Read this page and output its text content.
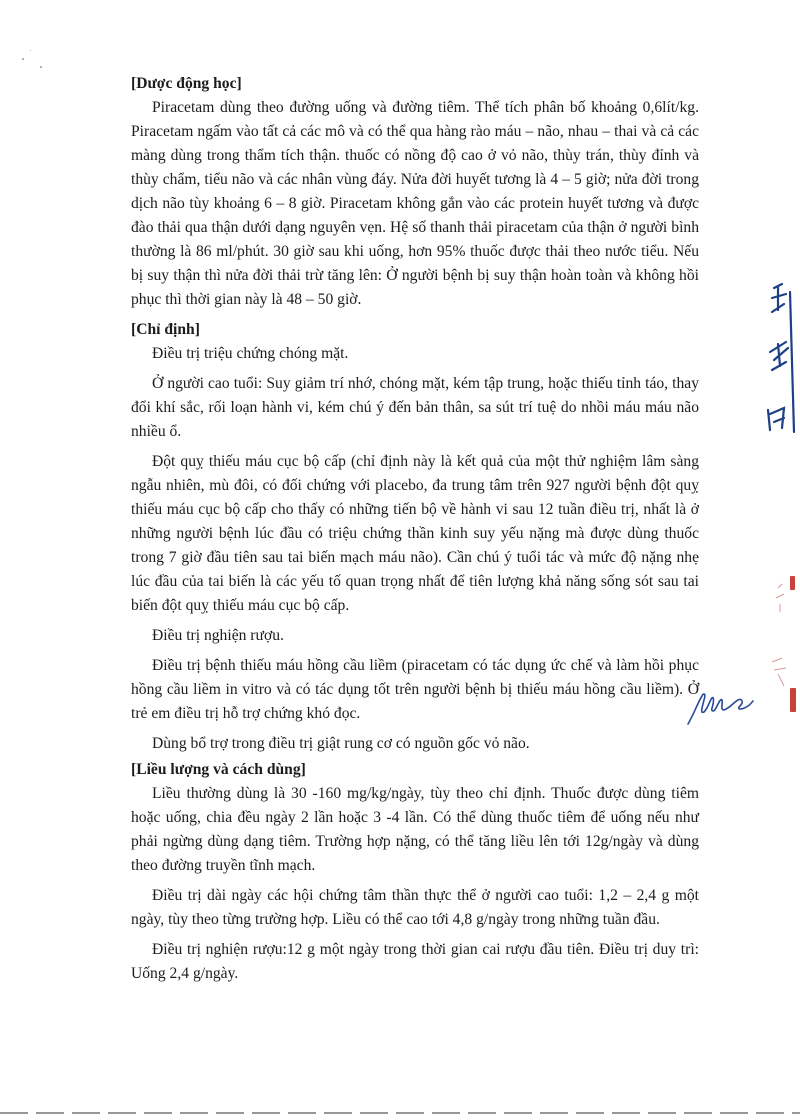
[Dược động học]

Piracetam dùng theo đường uống và đường tiêm. Thể tích phân bố khoảng 0,6lít/kg. Piracetam ngấm vào tất cả các mô và có thể qua hàng rào máu – não, nhau – thai và cả các màng dùng trong thẩm tích thận. thuốc có nồng độ cao ở vỏ não, thùy trán, thùy đỉnh và thùy chẩm, tiểu não và các nhân vùng đáy. Nửa đời huyết tương là 4 – 5 giờ; nửa đời trong dịch não tùy khoảng 6 – 8 giờ. Piracetam không gắn vào các protein huyết tương và được đào thải qua thận dưới dạng nguyên vẹn. Hệ số thanh thải piracetam của thận ở người bình thường là 86 ml/phút. 30 giờ sau khi uống, hơn 95% thuốc được thải theo nước tiểu. Nếu bị suy thận thì nửa đời thải trừ tăng lên: Ở người bệnh bị suy thận hoàn toàn và không hồi phục thì thời gian này là 48 – 50 giờ.

[Chỉ định]

Điều trị triệu chứng chóng mặt.

Ở người cao tuổi: Suy giảm trí nhớ, chóng mặt, kém tập trung, hoặc thiếu tỉnh táo, thay đổi khí sắc, rối loạn hành vi, kém chú ý đến bản thân, sa sút trí tuệ do nhồi máu máu não nhiều ổ.

Đột quỵ thiếu máu cục bộ cấp (chỉ định này là kết quả của một thử nghiệm lâm sàng ngẫu nhiên, mù đôi, có đối chứng với placebo, đa trung tâm trên 927 người bệnh đột quỵ thiếu máu cục bộ cấp cho thấy có những tiến bộ về hành vi sau 12 tuần điều trị, nhất là ở những người bệnh lúc đầu có triệu chứng thần kinh suy yếu nặng mà được dùng thuốc trong 7 giờ đầu tiên sau tai biến mạch máu não). Cần chú ý tuổi tác và mức độ nặng nhẹ lúc đầu của tai biến là các yếu tố quan trọng nhất để tiên lượng khả năng sống sót sau tai biến đột quỵ thiếu máu cục bộ cấp.

Điều trị nghiện rượu.

Điều trị bệnh thiếu máu hồng cầu liềm (piracetam có tác dụng ức chế và làm hồi phục hồng cầu liềm in vitro và có tác dụng tốt trên người bệnh bị thiếu máu hồng cầu liềm). Ở trẻ em điều trị hỗ trợ chứng khó đọc.

Dùng bổ trợ trong điều trị giật rung cơ có nguồn gốc vỏ não.

[Liều lượng và cách dùng]

Liều thường dùng là 30 -160 mg/kg/ngày, tùy theo chỉ định. Thuốc được dùng tiêm hoặc uống, chia đều ngày 2 lần hoặc 3 -4 lần. Có thể dùng thuốc tiêm để uống nếu như phải ngừng dùng dạng tiêm. Trường hợp nặng, có thể tăng liều lên tới 12g/ngày và dùng theo đường truyền tĩnh mạch.

Điều trị dài ngày các hội chứng tâm thần thực thể ở người cao tuổi: 1,2 – 2,4 g một ngày, tùy theo từng trường hợp. Liều có thể cao tới 4,8 g/ngày trong những tuần đầu.

Điều trị nghiện rượu:12 g một ngày trong thời gian cai rượu đầu tiên. Điều trị duy trì: Uống 2,4 g/ngày.
